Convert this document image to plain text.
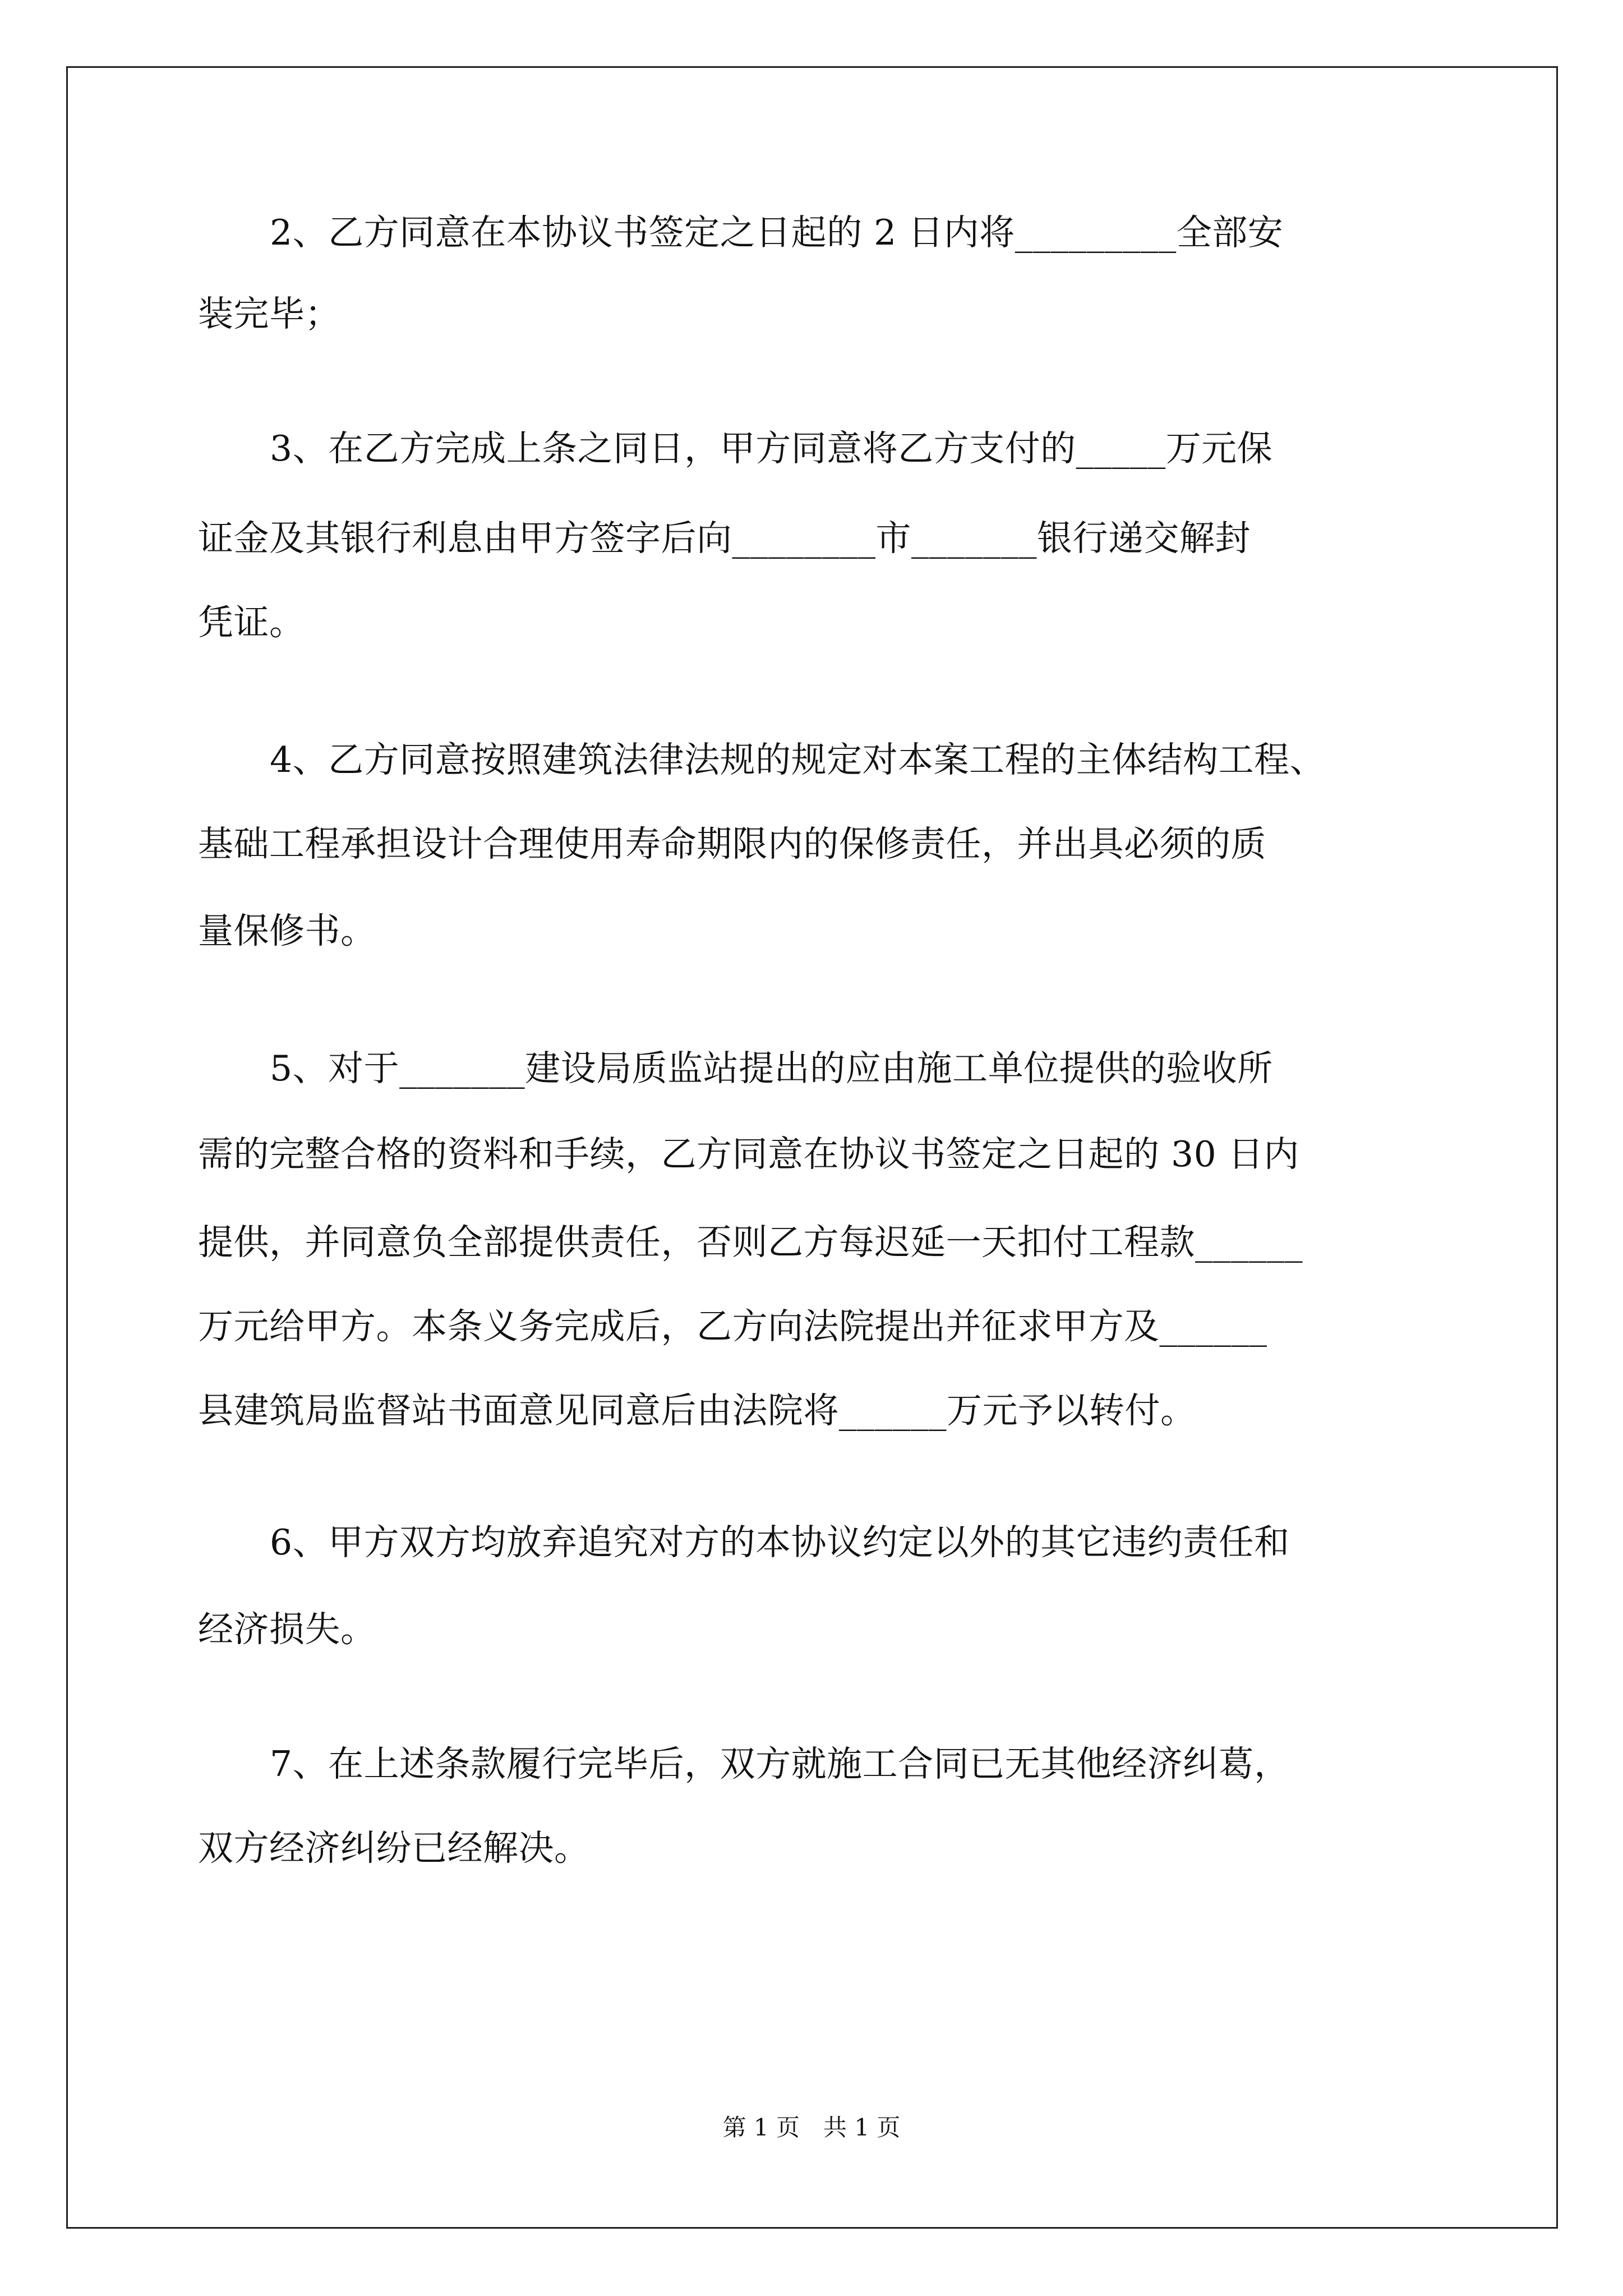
2、乙方同意在本协议书签定之日起的 2 日内将_________全部安
装完毕；
3、在乙方完成上条之同日，甲方同意将乙方支付的_____万元保
证金及其银行利息由甲方签字后向________市_______银行递交解封
凭证。
4、乙方同意按照建筑法律法规的规定对本案工程的主体结构工程、
基础工程承担设计合理使用寿命期限内的保修责任，并出具必须的质
量保修书。
5、对于_______建设局质监站提出的应由施工单位提供的验收所
需的完整合格的资料和手续，乙方同意在协议书签定之日起的 30 日内
提供，并同意负全部提供责任，否则乙方每迟延一天扣付工程款______
万元给甲方。本条义务完成后，乙方向法院提出并征求甲方及______
县建筑局监督站书面意见同意后由法院将______万元予以转付。
6、甲方双方均放弃追究对方的本协议约定以外的其它违约责任和
经济损失。
7、在上述条款履行完毕后，双方就施工合同已无其他经济纠葛，
双方经济纠纷已经解决。
第 1 页　共 1 页
